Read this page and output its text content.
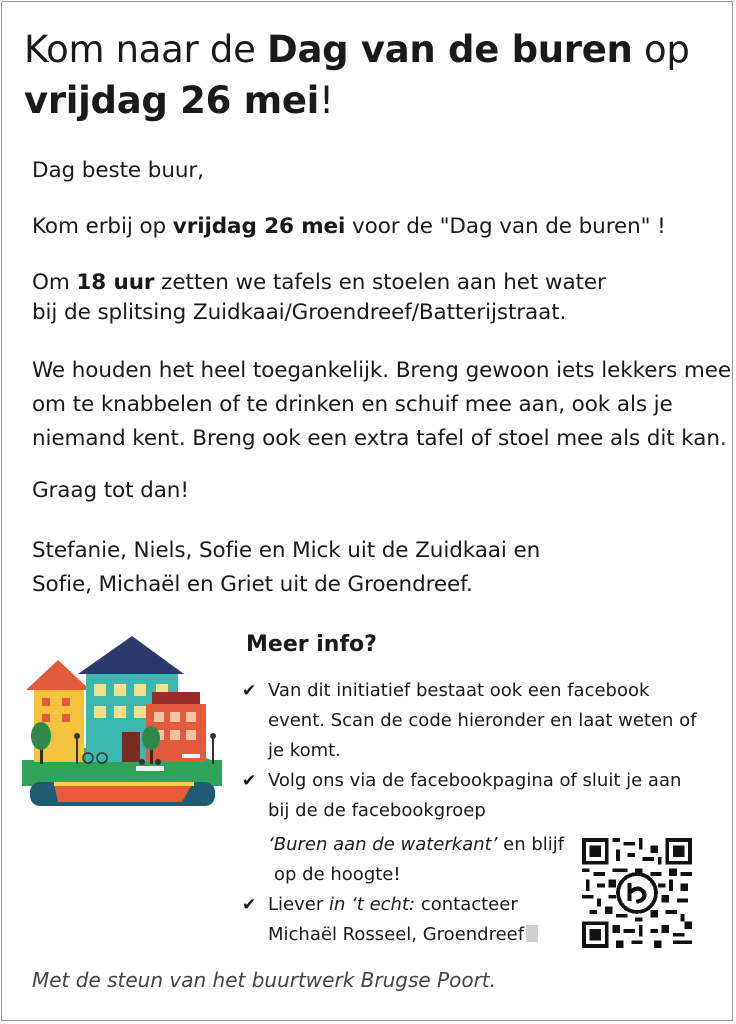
Kom naar de Dag van de buren op
vrijdag 26 mei!
Dag beste buur,
Kom erbij op vrijdag 26 mei voor de "Dag van de buren" !
Om 18 uur zetten we tafels en stoelen aan het water
bij de splitsing Zuidkaai/Groendreef/Batterijstraat.
We houden het heel toegankelijk. Breng gewoon iets lekkers mee
om te knabbelen of te drinken en schuif mee aan, ook als je
niemand kent. Breng ook een extra tafel of stoel mee als dit kan.
Graag tot dan!
Stefanie, Niels, Sofie en Mick uit de Zuidkaai en
Sofie, Michaël en Griet uit de Groendreef.
Meer info?
✔ Van dit initiatief bestaat ook een facebook
event. Scan de code hieronder en laat weten of
je komt.
✔ Volg ons via de facebookpagina of sluit je aan
bij de de facebookgroep
‘Buren aan de waterkant’ en blijf
op de hoogte!
✔ Liever in ‘t echt: contacteer
Michaël Rosseel, Groendreef
Met de steun van het buurtwerk Brugse Poort.
